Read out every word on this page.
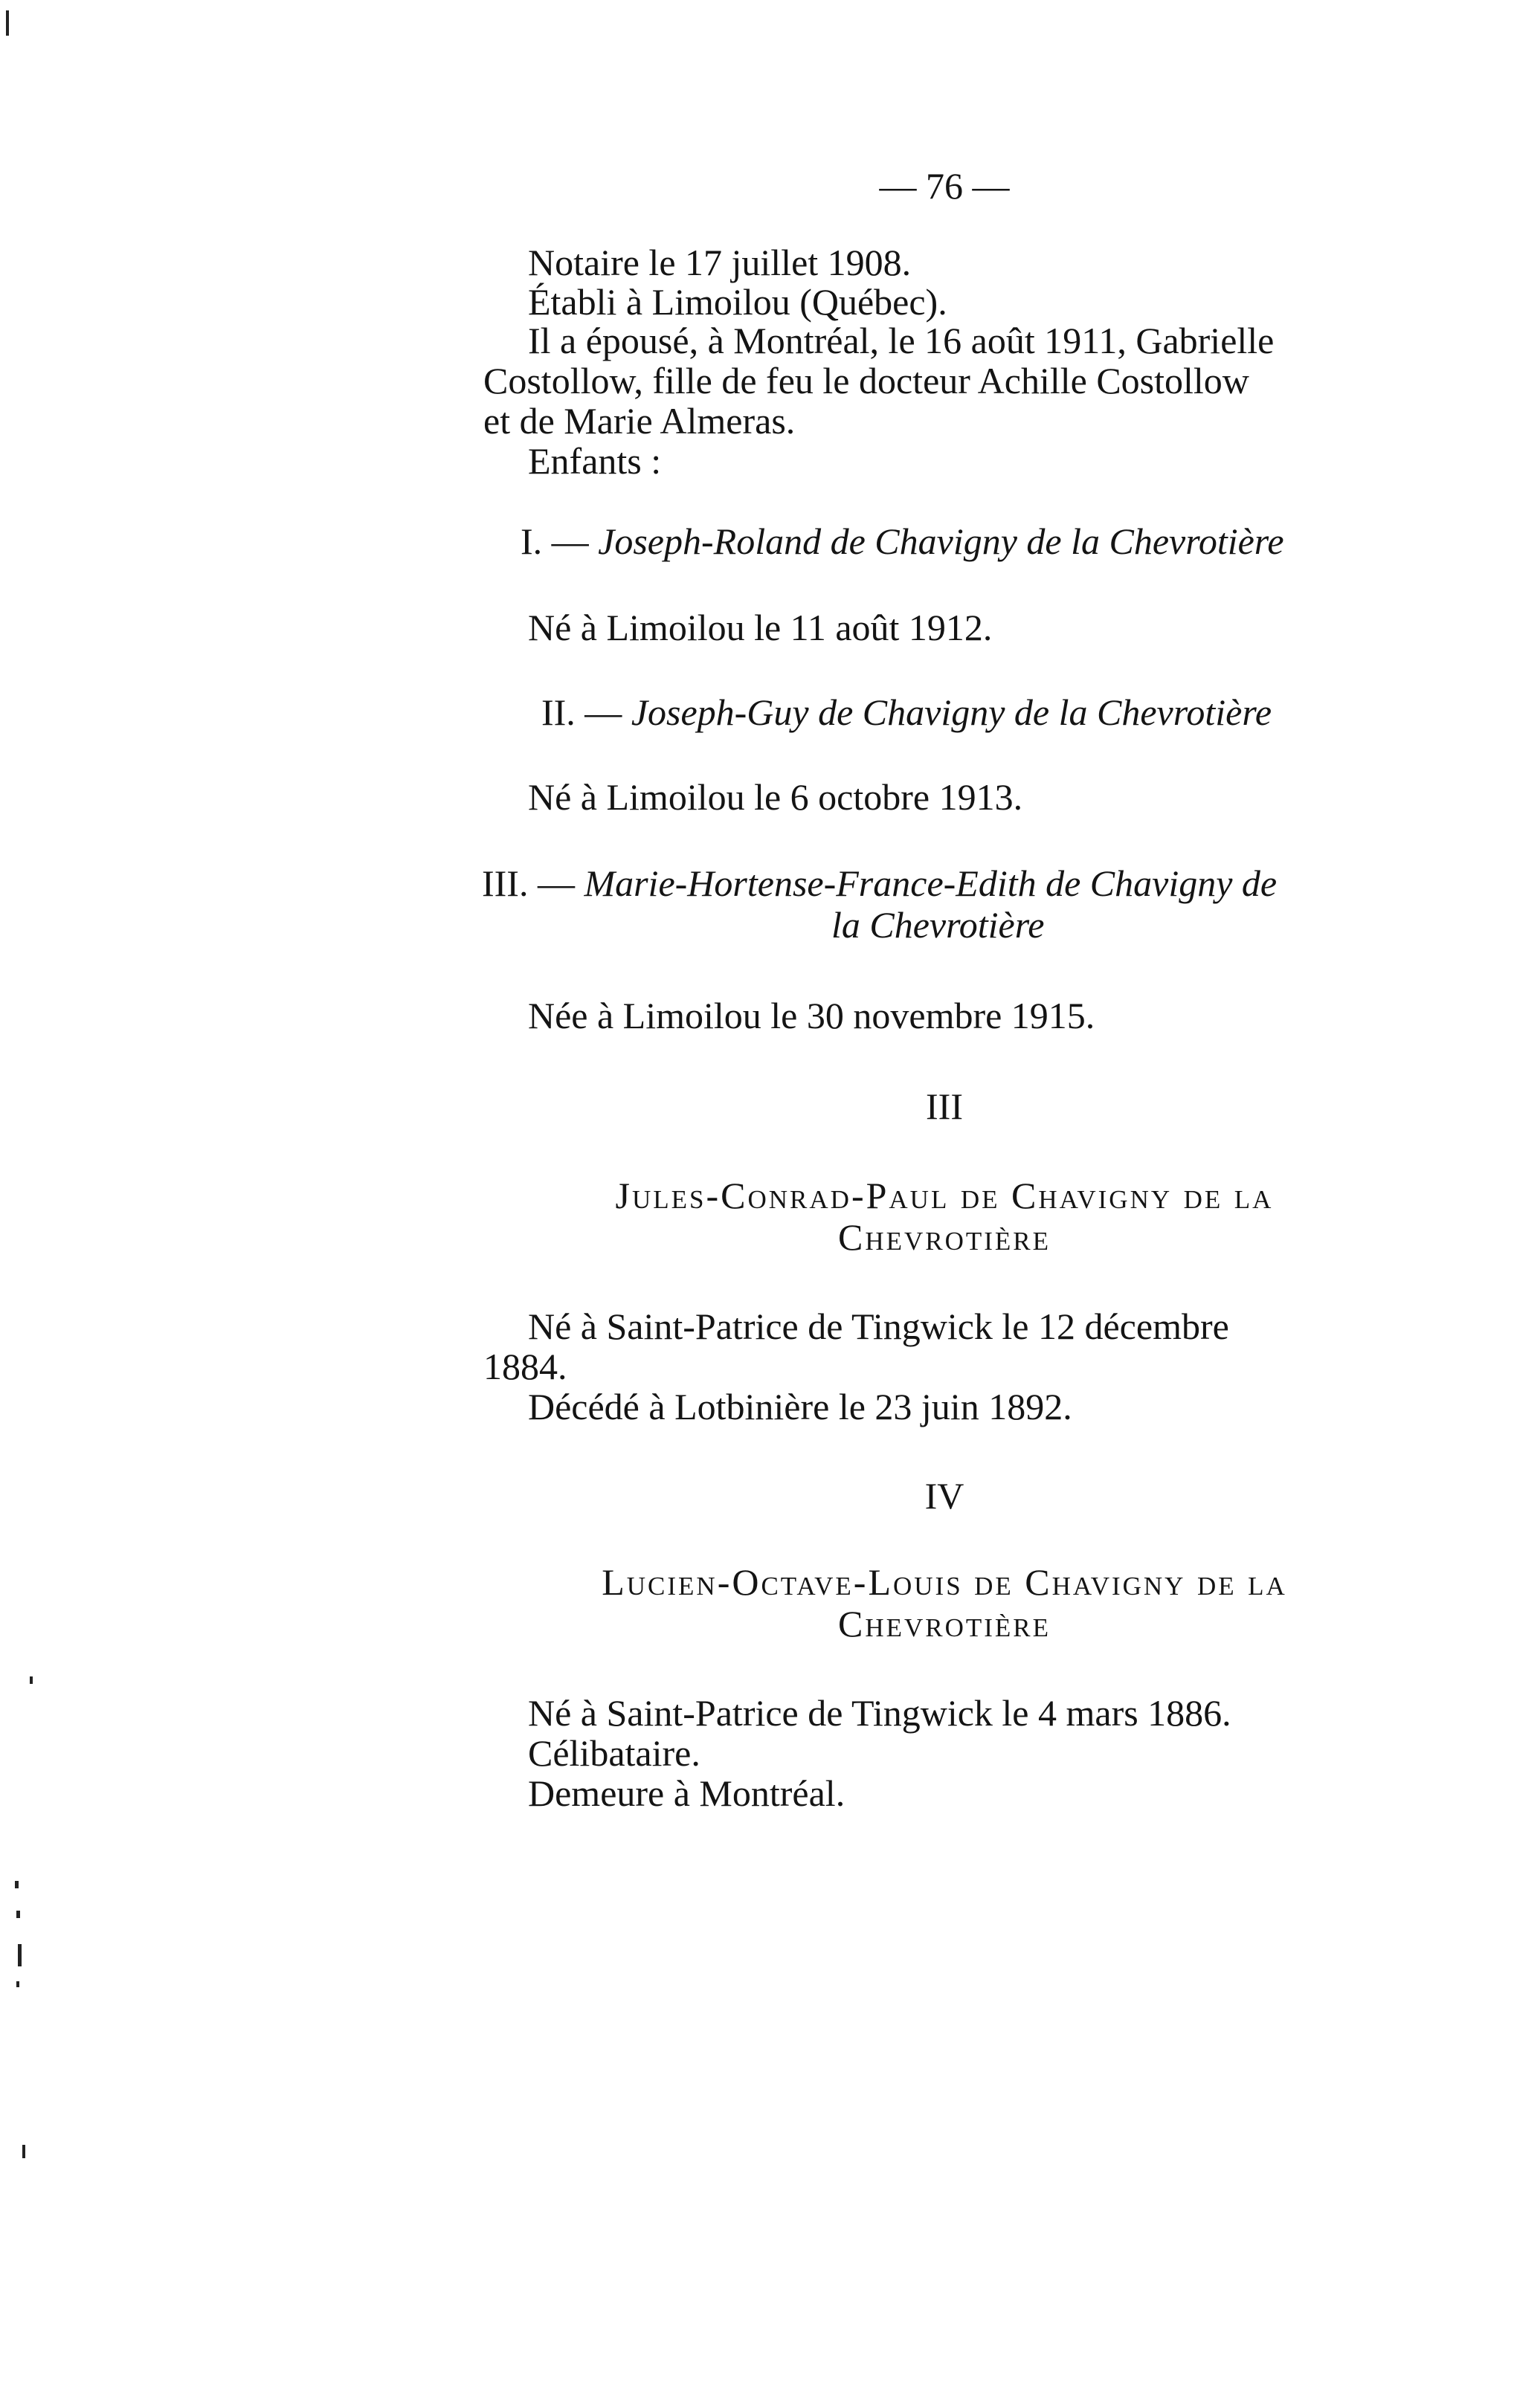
— 76 —
Notaire le 17 juillet 1908.
Établi à Limoilou (Québec).
Il a épousé, à Montréal, le 16 août 1911, Gabrielle
Costollow, fille de feu le docteur Achille Costollow
et de Marie Almeras.
Enfants :
I. — Joseph-Roland de Chavigny de la Chevrotière
Né à Limoilou le 11 août 1912.
II. — Joseph-Guy de Chavigny de la Chevrotière
Né à Limoilou le 6 octobre 1913.
III. — Marie-Hortense-France-Edith de Chavigny de
la Chevrotière
Née à Limoilou le 30 novembre 1915.
III
Jules-Conrad-Paul de Chavigny de la
Chevrotière
Né à Saint-Patrice de Tingwick le 12 décembre
1884.
Décédé à Lotbinière le 23 juin 1892.
IV
Lucien-Octave-Louis de Chavigny de la
Chevrotière
Né à Saint-Patrice de Tingwick le 4 mars 1886.
Célibataire.
Demeure à Montréal.
